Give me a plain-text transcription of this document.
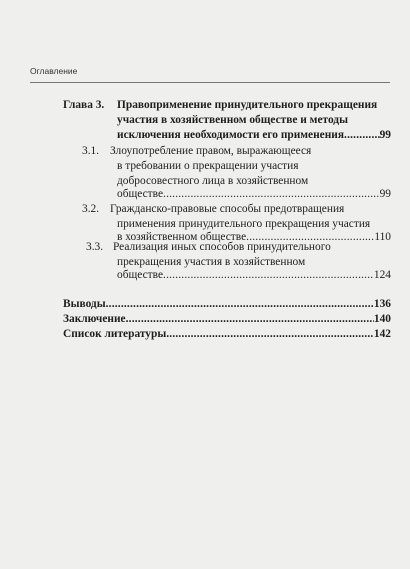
Оглавление
Глава 3. Правоприменение принудительного прекращения
участия в хозяйственном обществе и методы
исключения необходимости его применения .....	99
3.1. Злоупотребление правом, выражающееся
в требовании о прекращении участия
добросовестного лица в хозяйственном
обществе .....	99
3.2. Гражданско-правовые способы предотвращения
применения принудительного прекращения участия
в хозяйственном обществе .....	110
3.3. Реализация иных способов принудительного
прекращения участия в хозяйственном
обществе .....	124
Выводы .....	136
Заключение .....	140
Список литературы .....	142
